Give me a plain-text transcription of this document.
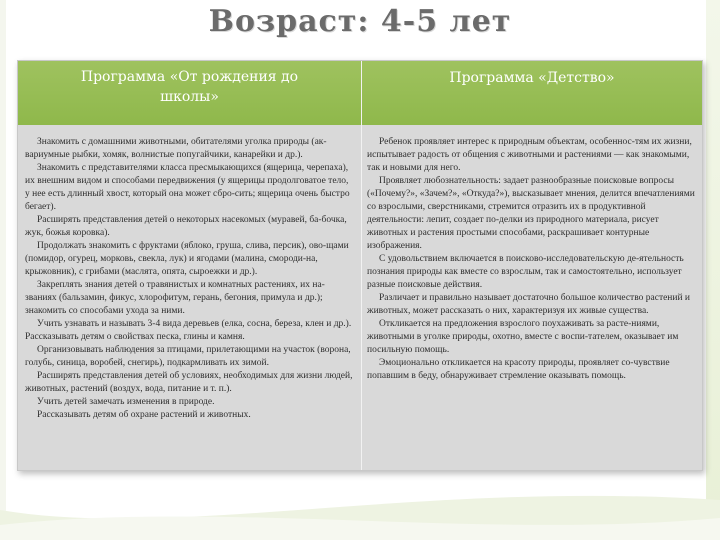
Возраст: 4-5 лет
Программа «От рождения до школы»
Программа «Детство»

Знакомить с домашними животными, обитателями уголка природы (ак-вариумные рыбки, хомяк, волнистые попугайчики, канарейки и др.).

Знакомить с представителями класса пресмыкающихся (ящерица, черепаха), их внешним видом и способами передвижения (у ящерицы продолговатое тело, у нее есть длинный хвост, который она может сбро-сить; ящерица очень быстро бегает).

Расширять представления детей о некоторых насекомых (муравей, ба-бочка, жук, божья коровка).

Продолжать знакомить с фруктами (яблоко, груша, слива, персик), ово-щами (помидор, огурец, морковь, свекла, лук) и ягодами (малина, смороди-на, крыжовник), с грибами (маслята, опята, сыроежки и др.).

Закреплять знания детей о травянистых и комнатных растениях, их на-званиях (бальзамин, фикус, хлорофитум, герань, бегония, примула и др.); знакомить со способами ухода за ними.

Учить узнавать и называть 3-4 вида деревьев (елка, сосна, береза, клен и др.). Рассказывать детям о свойствах песка, глины и камня.

Организовывать наблюдения за птицами, прилетающими на участок (ворона, голубь, синица, воробей, снегирь), подкармливать их зимой.

Расширять представления детей об условиях, необходимых для жизни людей, животных, растений (воздух, вода, питание и т. п.).

Учить детей замечать изменения в природе.

Рассказывать детям об охране растений и животных.

Ребенок проявляет интерес к природным объектам, особеннос-тям их жизни, испытывает радость от общения с животными и растениями — как знакомыми, так и новыми для него.

Проявляет любознательность: задает разнообразные поисковые вопросы («Почему?», «Зачем?», «Откуда?»), высказывает мнения, делится впечатлениями со взрослыми, сверстниками, стремится отразить их в продуктивной деятельности: лепит, создает по-делки из природного материала, рисует животных и растения простыми способами, раскрашивает контурные изображения.

С удовольствием включается в поисково-исследовательскую де-ятельность познания природы как вместе со взрослым, так и самостоятельно, использует разные поисковые действия.

Различает и правильно называет достаточно большое количество растений и животных, может рассказать о них, характеризуя их живые существа.

Откликается на предложения взрослого поухаживать за расте-ниями, животными в уголке природы, охотно, вместе с воспи-тателем, оказывает им посильную помощь.

Эмоционально откликается на красоту природы, проявляет со-чувствие попавшим в беду, обнаруживает стремление оказывать помощь.
